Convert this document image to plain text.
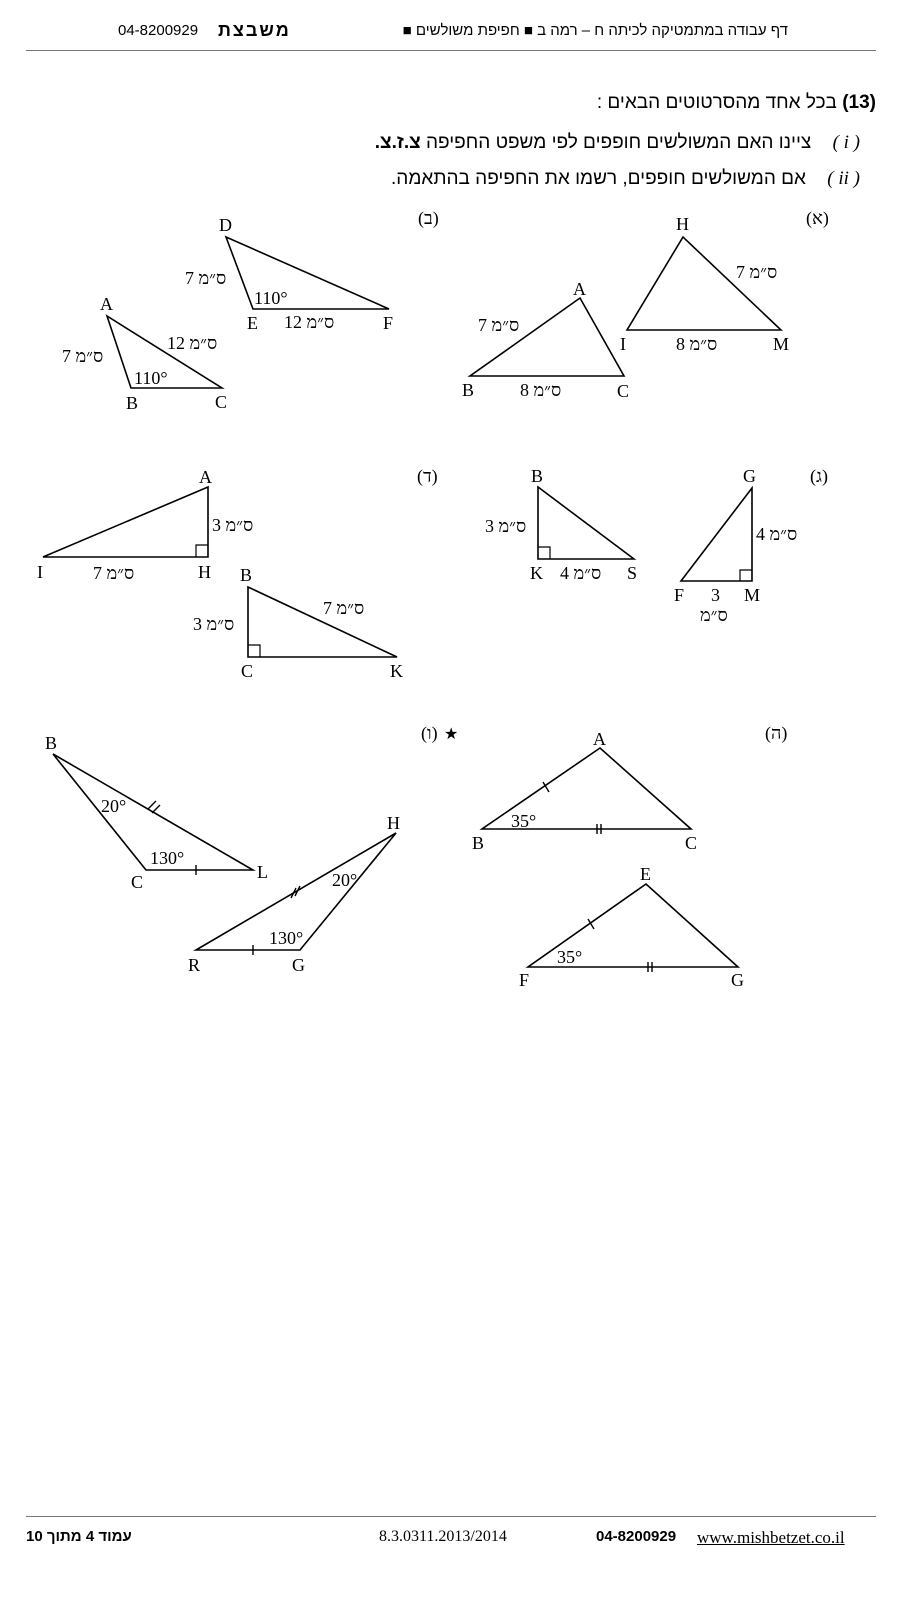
דף עבודה במתמטיקה לכיתה ח – רמה ב ■ חפיפת משולשים ■
משבצת
04-8200929
(13) בכל אחד מהסרטוטים הבאים :
( i ) ציינו האם המשולשים חופפים לפי משפט החפיפה צ.ז.צ.
( ii ) אם המשולשים חופפים, רשמו את החפיפה בהתאמה.
(א)
(ב)
(ג)
(ד)
(ה)
(ו) ★
H
I	M
7 ס״מ
8 ס״מ
A
B	C
7 ס״מ
8 ס״מ
D
E	F
7 ס״מ
12 ס״מ
110°
A
B	C
7 ס״מ
12 ס״מ
110°
G
F	M
4 ס״מ
3
ס״מ
B
K	S
3 ס״מ
4 ס״מ
A
I	H
3 ס״מ
7 ס״מ	B
C	K
3 ס״מ
7 ס״מ
A
B	C
35°
E
F	G
35°
B
C	L
20°
130°
H
R	G
20°
130°
עמוד 4 מתוך 10	8.3.0311.2013/2014	04-8200929 www.mishbetzet.co.il
